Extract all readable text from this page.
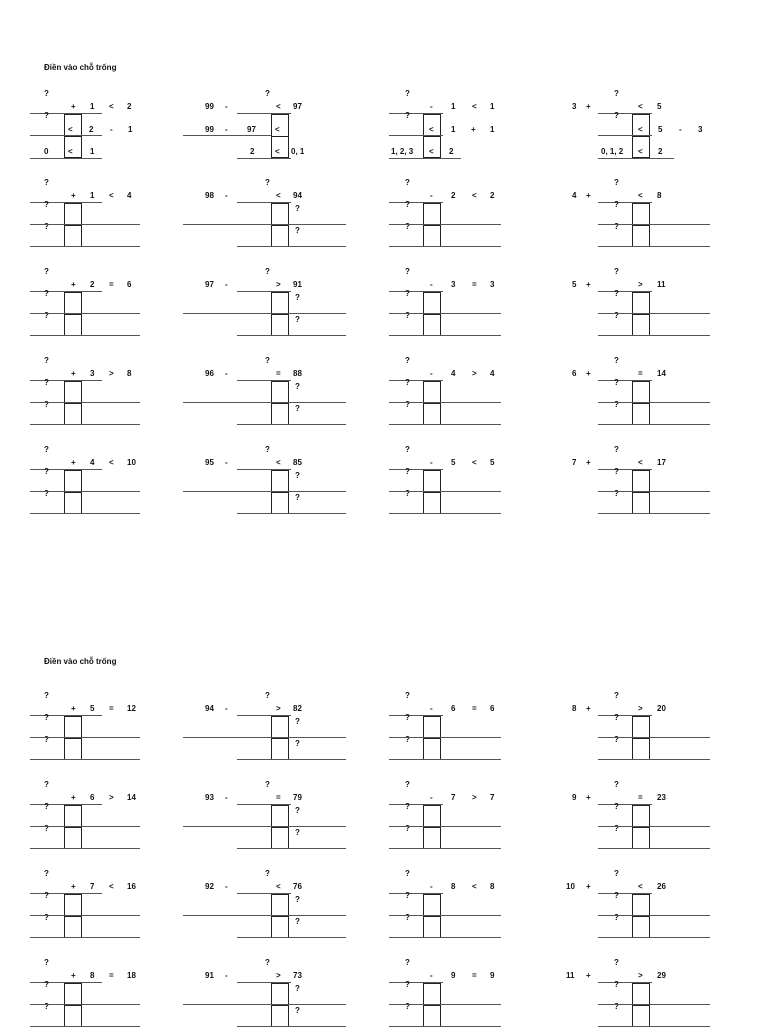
Điền vào chỗ trống
?
+ 1 < 2
?
< 2 - 1
0 < 1
99 -
?
< 97
99 - 97 <
2	< 0, 1
?
- 1 < 1
?
< 1 + 1
1, 2, 3 < 2
3 +
?
< 5
?
< 5 - 3
0, 1, 2 < 2
?
+ 1 < 4
?
?
98 -
?
< 94
?
?
?
- 2 < 2
?
?
4 +
?
< 8
?
?
?
+ 2 = 6
?
?
97 -
?
> 91
?
?
?
- 3 = 3
?
?
5 +
?
> 11
?
?
?
+ 3 > 8
?
?
96 -
?
= 88
?
?
?
- 4 > 4
?
?
6 +
?
= 14
?
?
?
+ 4 < 10
?
?
95 -
?
< 85
?
?
?
- 5 < 5
?
?
7 +
?
< 17
?
?
Điền vào chỗ trống
?
+ 5 = 12
?
?
94 -
?
> 82
?
?
?
- 6 = 6
?
?
8 +
?
> 20
?
?
?
+ 6 > 14
?
?
93 -
?
= 79
?
?
?
- 7 > 7
?
?
9 +
?
= 23
?
?
?
+ 7 < 16
?
?
92 -
?
< 76
?
?
?
- 8 < 8
?
?
10 +
?
< 26
?
?
?
+ 8 = 18
?
?
91 -
?
> 73
?
?
?
- 9 = 9
?
?
11 +
?
> 29
?
?
